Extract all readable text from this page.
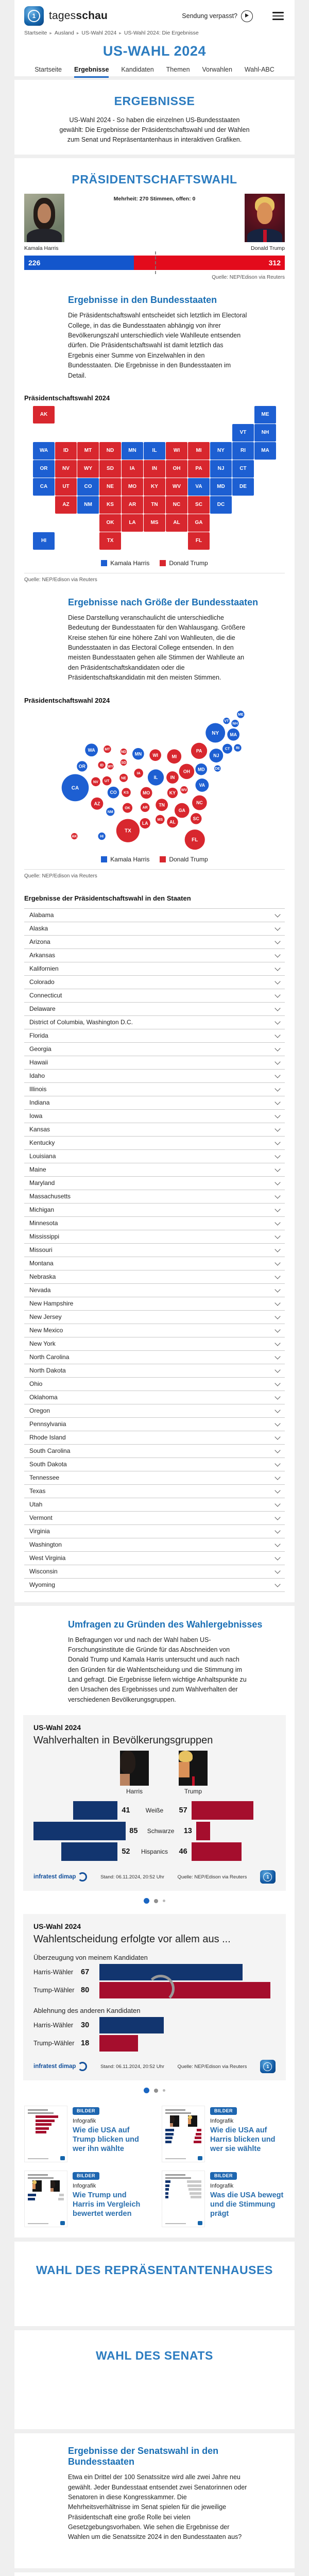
1	tagesschau	Sendung verpasst?
Startseite ▸ Ausland ▸ US-Wahl 2024 ▸ US-Wahl 2024: Die Ergebnisse
US-WAHL 2024
Startseite Ergebnisse Kandidaten Themen Vorwahlen Wahl-ABC
ERGEBNISSE

US-Wahl 2024 - So haben die einzelnen US-Bundesstaaten gewählt: Die Ergebnisse der Präsidentschaftswahl und der Wahlen zum Senat und Repräsentantenhaus in interaktiven Grafiken.

PRÄSIDENTSCHAFTSWAHL
Mehrheit: 270 Stimmen, offen: 0
Kamala Harris	Donald Trump
226	312
Quelle: NEP/Edison via Reuters
Ergebnisse in den Bundesstaaten

Die Präsidentschaftswahl entscheidet sich letztlich im Electoral College, in das die Bundesstaaten abhängig von ihrer Bevölkerungszahl unterschiedlich viele Wahlleute entsenden dürfen. Die Präsidentschaftswahl ist damit letztlich das Ergebnis einer Summe von Einzelwahlen in den Bundesstaaten. Die Ergebnisse in den Bundesstaaten im Detail.

Präsidentschaftswahl 2024
AK	ME
VT	NH
WA	ID	MT	ND	MN	IL	WI	MI	NY	RI	MA
OR	NV	WY	SD	IA	IN	OH	PA	NJ	CT
CA	UT	CO	NE	MO	KY	WV	VA	MD	DE
AZ	NM	KS	AR	TN	NC	SC	DC
OK	LA	MS	AL	GA
HI	TX	FL
Kamala Harris	Donald Trump
Quelle: NEP/Edison via Reuters
Ergebnisse nach Größe der Bundesstaaten

Diese Darstellung veranschaulicht die unterschiedliche Bedeutung der Bundesstaaten für den Wahlausgang. Größere Kreise stehen für eine höhere Zahl von Wahlleuten, die die Bundesstaaten in das Electoral College entsenden. In den meisten Bundesstaaten gehen alle Stimmen der Wahlleute an den Präsidentschaftskandidaten oder die Präsidentschaftskandidatin mit den meisten Stimmen.

Präsidentschaftswahl 2024
ME
VT
NH
NY MA
RI
CT
NJ
PA
MD DE
VA
WV
NC
SC
GA
FL
AL
MS
LA
TX
OK	AR
TN
KY
MO
KS
CO
NM
AZ
UT
NV
CA
OR
WA
ID WY
MT
ND
SD
NE
MN
IA
WI
IL IN
MI
OH
AK	HI
Kamala Harris	Donald Trump
Quelle: NEP/Edison via Reuters
Ergebnisse der Präsidentschaftswahl in den Staaten
Alabama
Alaska
Arizona
Arkansas
Kalifornien
Colorado
Connecticut
Delaware
District of Columbia, Washington D.C.
Florida
Georgia
Hawaii
Idaho
Illinois
Indiana
Iowa
Kansas
Kentucky
Louisiana
Maine
Maryland
Massachusetts
Michigan
Minnesota
Mississippi
Missouri
Montana
Nebraska
Nevada
New Hampshire
New Jersey
New Mexico
New York
North Carolina
North Dakota
Ohio
Oklahoma
Oregon
Pennsylvania
Rhode Island
South Carolina
South Dakota
Tennessee
Texas
Utah
Vermont
Virginia
Washington
West Virginia
Wisconsin
Wyoming
Umfragen zu Gründen des Wahlergebnisses

In Befragungen vor und nach der Wahl haben US-Forschungsinstitute die Gründe für das Abschneiden von Donald Trump und Kamala Harris untersucht und auch nach den Gründen für die Wahlentscheidung und die Stimmung im Land gefragt. Die Ergebnisse liefern wichtige Anhaltspunkte zu den Ursachen des Ergebnisses und zum Wahlverhalten der verschiedenen Bevölkerungsgruppen.

US-Wahl 2024
Wahlverhalten in Bevölkerungsgruppen
Harris	Trump
41	Weiße	57
85	Schwarze	13
52	Hispanics	46
infratest dimap	Stand: 06.11.2024, 20:52 Uhr	Quelle: NEP/Edison via Reuters	1
US-Wahl 2024
Wahlentscheidung erfolgte vor allem aus ...
Überzeugung von meinem Kandidaten
Harris-Wähler	67
Trump-Wähler 80
Ablehnung des anderen Kandidaten
Harris-Wähler	30
Trump-Wähler 18
infratest dimap	Stand: 06.11.2024, 20:52 Uhr	Quelle: NEP/Edison via Reuters	1
BILDER
Infografik
Wie die USA auf Trump blicken und wer ihn wählte
BILDER
Infografik
Wie die USA auf Harris blicken und wer sie wählte
BILDER
Infografik
Wie Trump und Harris im Vergleich bewertet werden
BILDER
Infografik
Was die USA bewegt und die Stimmung prägt
WAHL DES REPRÄSENTANTENHAUSES
WAHL DES SENATS
Ergebnisse der Senatswahl in den Bundesstaaten

Etwa ein Drittel der 100 Senatssitze wird alle zwei Jahre neu gewählt. Jeder Bundesstaat entsendet zwei Senatorinnen oder Senatoren in diese Kongresskammer. Die Mehrheitsverhältnisse im Senat spielen für die jeweilige Präsidentschaft eine große Rolle bei vielen Gesetzgebungsvorhaben. Wie sehen die Ergebnisse der Wahlen um die Senatssitze 2024 in den Bundesstaaten aus?
